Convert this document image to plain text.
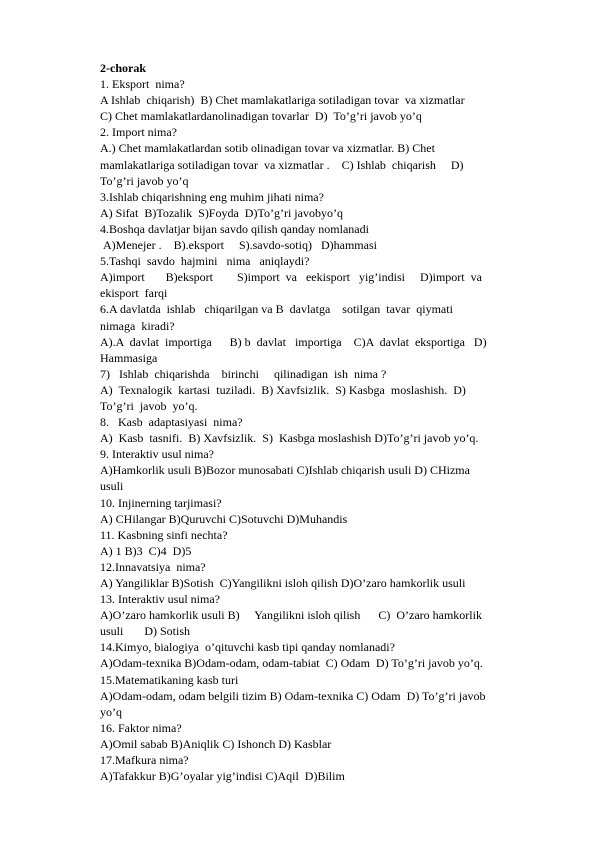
2-chorak
1. Eksport  nima?
A Ishlab  chiqarish)  B) Chet mamlakatlariga sotiladigan tovar  va xizmatlar
C) Chet mamlakatlardanolinadigan tovarlar  D)  To’g’ri javob yo’q
2. Import nima?
A.) Chet mamlakatlardan sotib olinadigan tovar va xizmatlar. B) Chet
mamlakatlariga sotiladigan tovar  va xizmatlar .    C) Ishlab  chiqarish     D)
To’g’ri javob yo’q
3.Ishlab chiqarishning eng muhim jihati nima?
A) Sifat  B)Tozalik  S)Foyda  D)To’g’ri javobyo’q
4.Boshqa davlatjar bijan savdo qilish qanday nomlanadi
A)Menejer .    B).eksport     S).savdo-sotiq)   D)hammasi
5.Tashqi  savdo  hajmini   nima   aniqlaydi?
A)import       B)eksport        S)import  va   eekisport   yig’indisi     D)import  va
ekisport  farqi
6.A davlatda  ishlab   chiqarilgan va B  davlatga    sotilgan  tavar  qiymati
nimaga  kiradi?
A).A  davlat  importiga      B) b  davlat   importiga    C)A  davlat  eksportiga   D)
Hammasiga
7)   Ishlab  chiqarishda    birinchi     qilinadigan  ish  nima ?
A)  Texnalogik  kartasi  tuziladi.  B) Xavfsizlik.  S) Kasbga  moslashish.  D)
To’g’ri  javob  yo’q.
8.   Kasb  adaptasiyasi  nima?
A)  Kasb  tasnifi.  B) Xavfsizlik.  S)  Kasbga moslashish D)To’g’ri javob yo’q.
9. Interaktiv usul nima?
A)Hamkorlik usuli B)Bozor munosabati C)Ishlab chiqarish usuli D) CHizma
usuli
10. Injinerning tarjimasi?
A) CHilangar B)Quruvchi C)Sotuvchi D)Muhandis
11. Kasbning sinfi nechta?
A) 1 B)3  C)4  D)5
12.Innavatsiya  nima?
A) Yangiliklar B)Sotish  C)Yangilikni isloh qilish D)O’zaro hamkorlik usuli
13. Interaktiv usul nima?
A)O’zaro hamkorlik usuli B)     Yangilikni isloh qilish      C)  O’zaro hamkorlik
usuli       D) Sotish
14.Kimyo, bialogiya  o’qituvchi kasb tipi qanday nomlanadi?
A)Odam-texnika B)Odam-odam, odam-tabiat  C) Odam  D) To’g’ri javob yo’q.
15.Matematikaning kasb turi
A)Odam-odam, odam belgili tizim B) Odam-texnika C) Odam  D) To’g’ri javob
yo’q
16. Faktor nima?
A)Omil sabab B)Aniqlik C) Ishonch D) Kasblar
17.Mafkura nima?
A)Tafakkur B)G’oyalar yig’indisi C)Aqil  D)Bilim
